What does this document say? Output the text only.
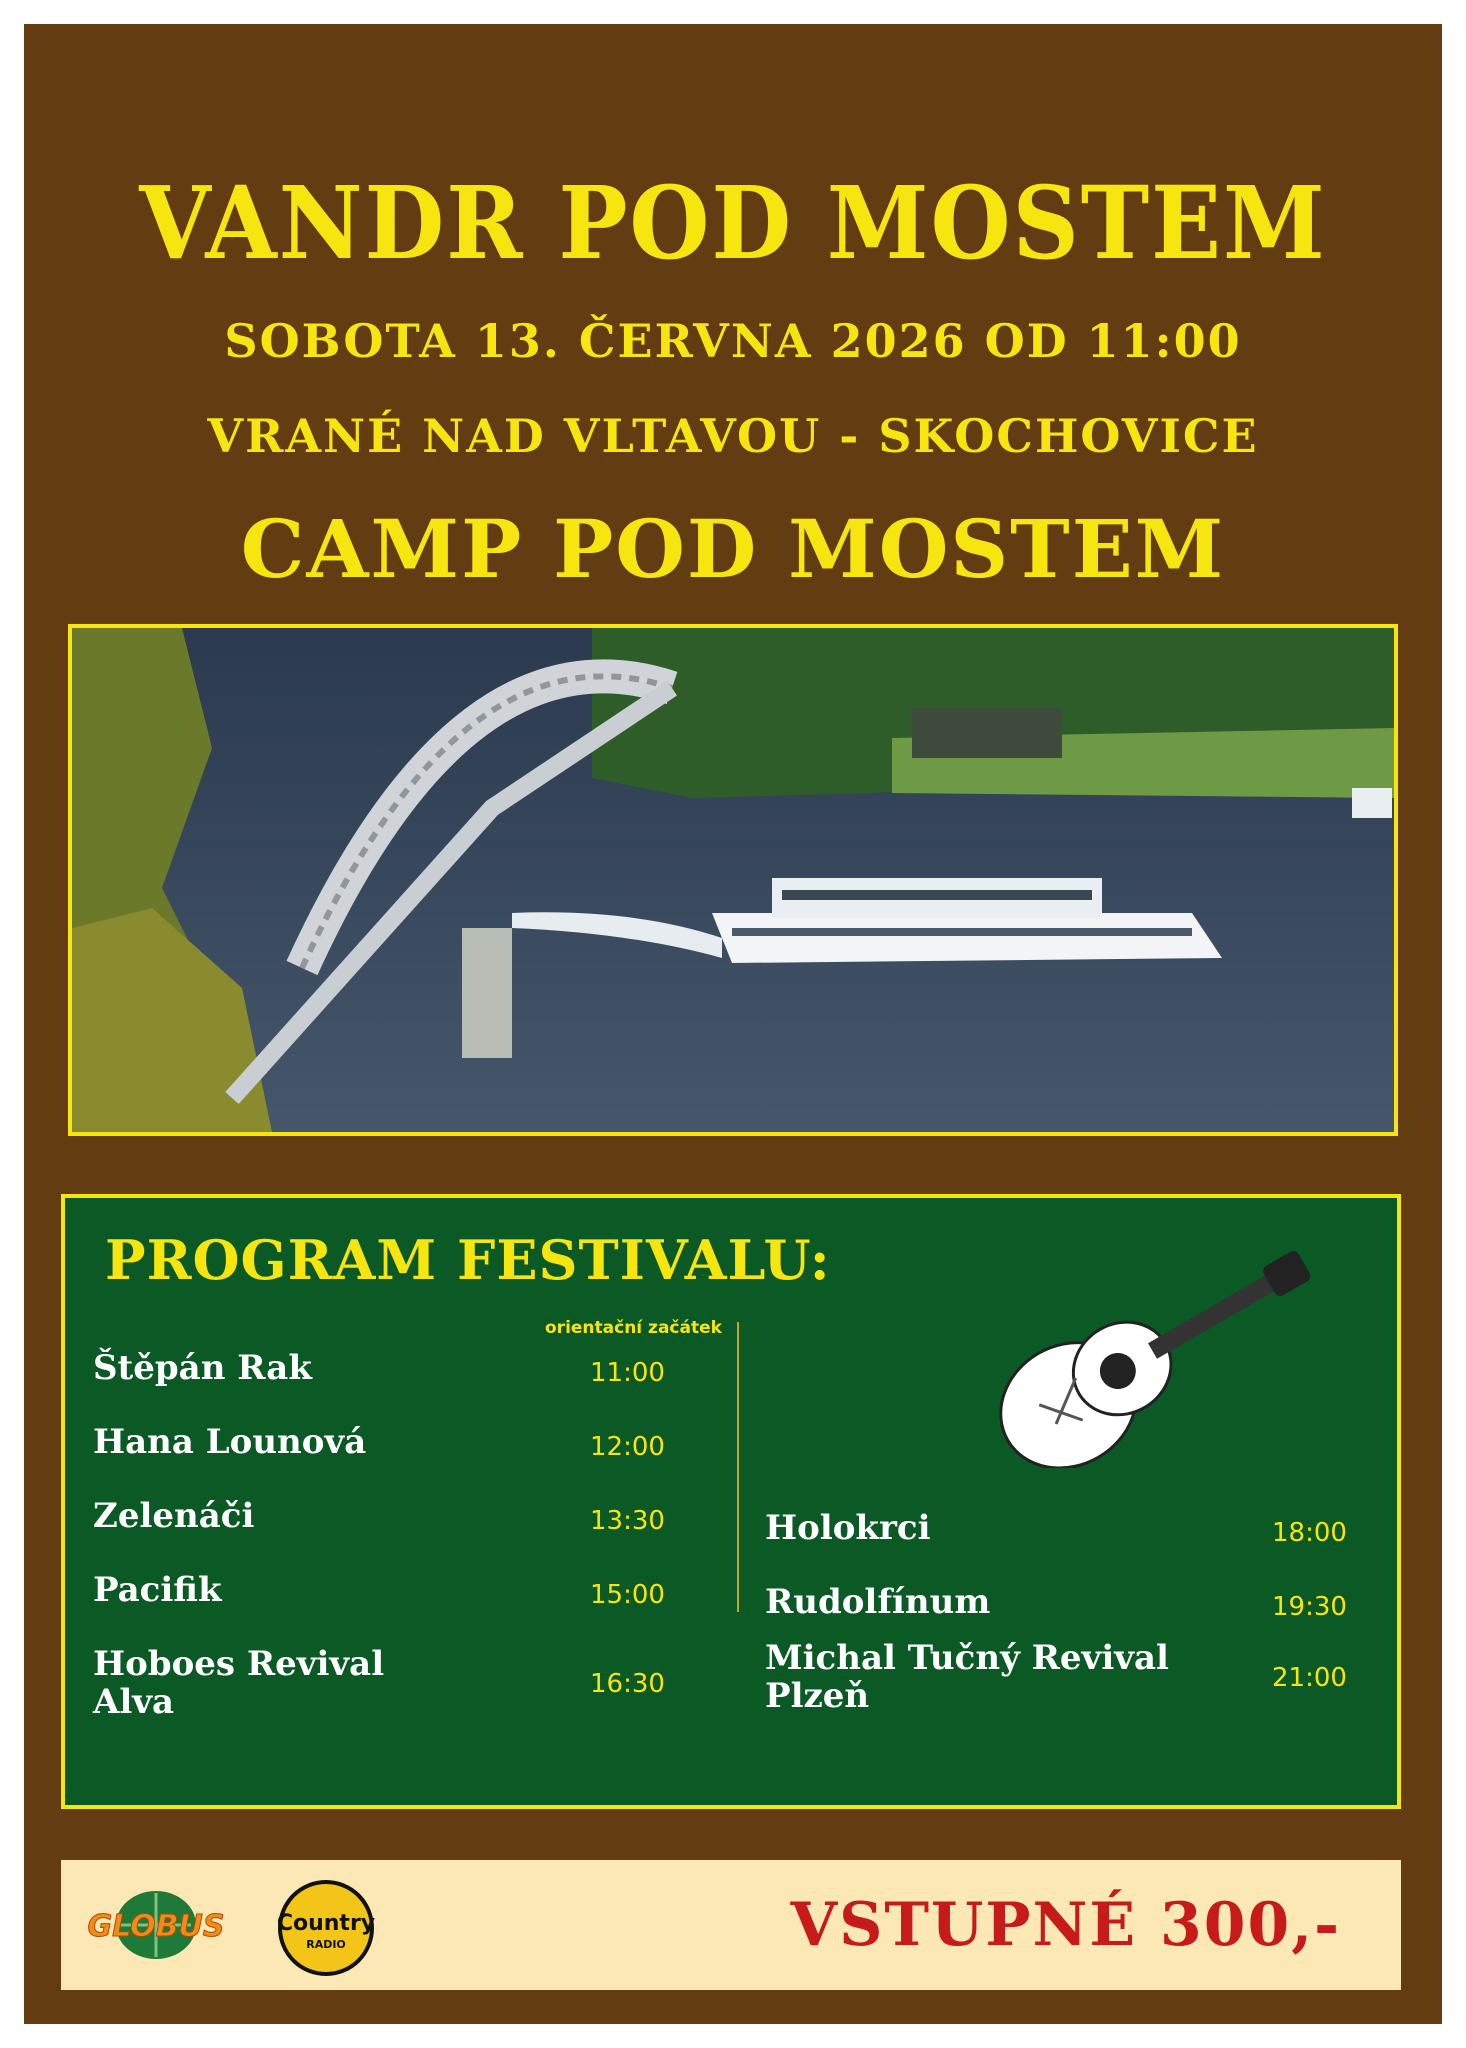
VANDR POD MOSTEM
SOBOTA 13. ČERVNA 2026 OD 11:00
VRANÉ NAD VLTAVOU - SKOCHOVICE
CAMP POD MOSTEM
PROGRAM FESTIVALU:
orientační začátek
Štěpán Rak	11:00
Hana Lounová	12:00
Zelenáči	13:30
Pacifik	15:00
Hoboes Revival
Alva	16:30
Holokrci	18:00
Rudolfínum	19:30
Michal Tučný Revival
Plzeň	21:00
GLOBUS Country
RADIO	VSTUPNÉ 300,-
